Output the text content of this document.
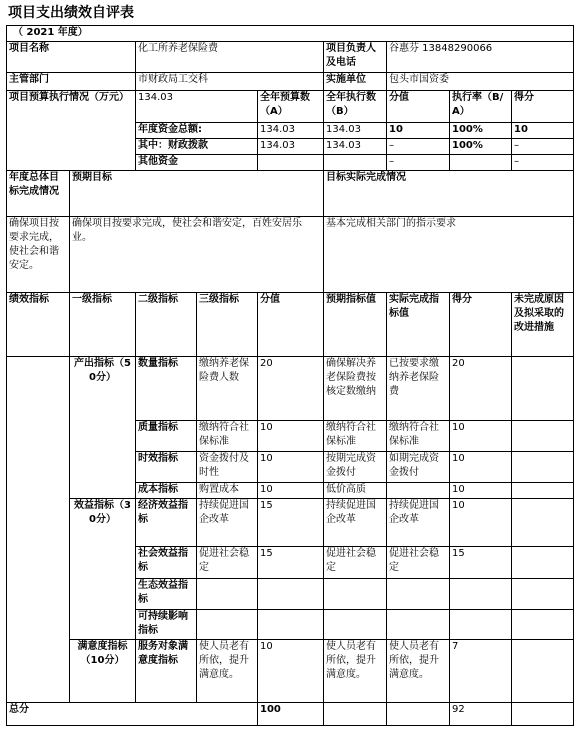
项目支出绩效自评表
（ 2021 年度）								
项目名称		化工所养老保险费			项目负责人及电话	谷惠芬 13848290066		
主管部门		市财政局工交科			实施单位	包头市国资委		
项目预算执行情况（万元）		134.03		全年预算数（A）	全年执行数（B）	分值	执行率（B/A）	得分
		年度资金总额:		134.03	134.03	10	100%	10
		其中：财政拨款		134.03	134.03	–	100%	–
		其他资金				–		–
年度总体目标完成情况	预期目标				目标实际完成情况			
确保项目按要求完成，使社会和谐安定。	确保项目按要求完成，使社会和谐安定，百姓安居乐业。				基本完成相关部门的指示要求			
绩效指标	一级指标	二级指标	三级指标	分值	预期指标值	实际完成指标值	得分	未完成原因及拟采取的改进措施
	产出指标（50分）	数量指标	缴纳养老保险费人数	20	确保解决养老保险费按核定数缴纳	已按要求缴纳养老保险费	20	
		质量指标	缴纳符合社保标准	10	缴纳符合社保标准	缴纳符合社保标准	10	
		时效指标	资金拨付及时性	10	按期完成资金拨付	如期完成资金拨付	10	
		成本指标	购置成本	10	低价高质		10	
	效益指标（30分）	经济效益指标	持续促进国企改革	15	持续促进国企改革	持续促进国企改革	10	
		社会效益指标	促进社会稳定	15	促进社会稳定	促进社会稳定	15	
		生态效益指标						
		可持续影响指标						
	满意度指标（10分）	服务对象满意度指标	使人员老有所依，提升满意度。	10	使人员老有所依，提升满意度。	使人员老有所依，提升满意度。	7	
总分				100			92	
